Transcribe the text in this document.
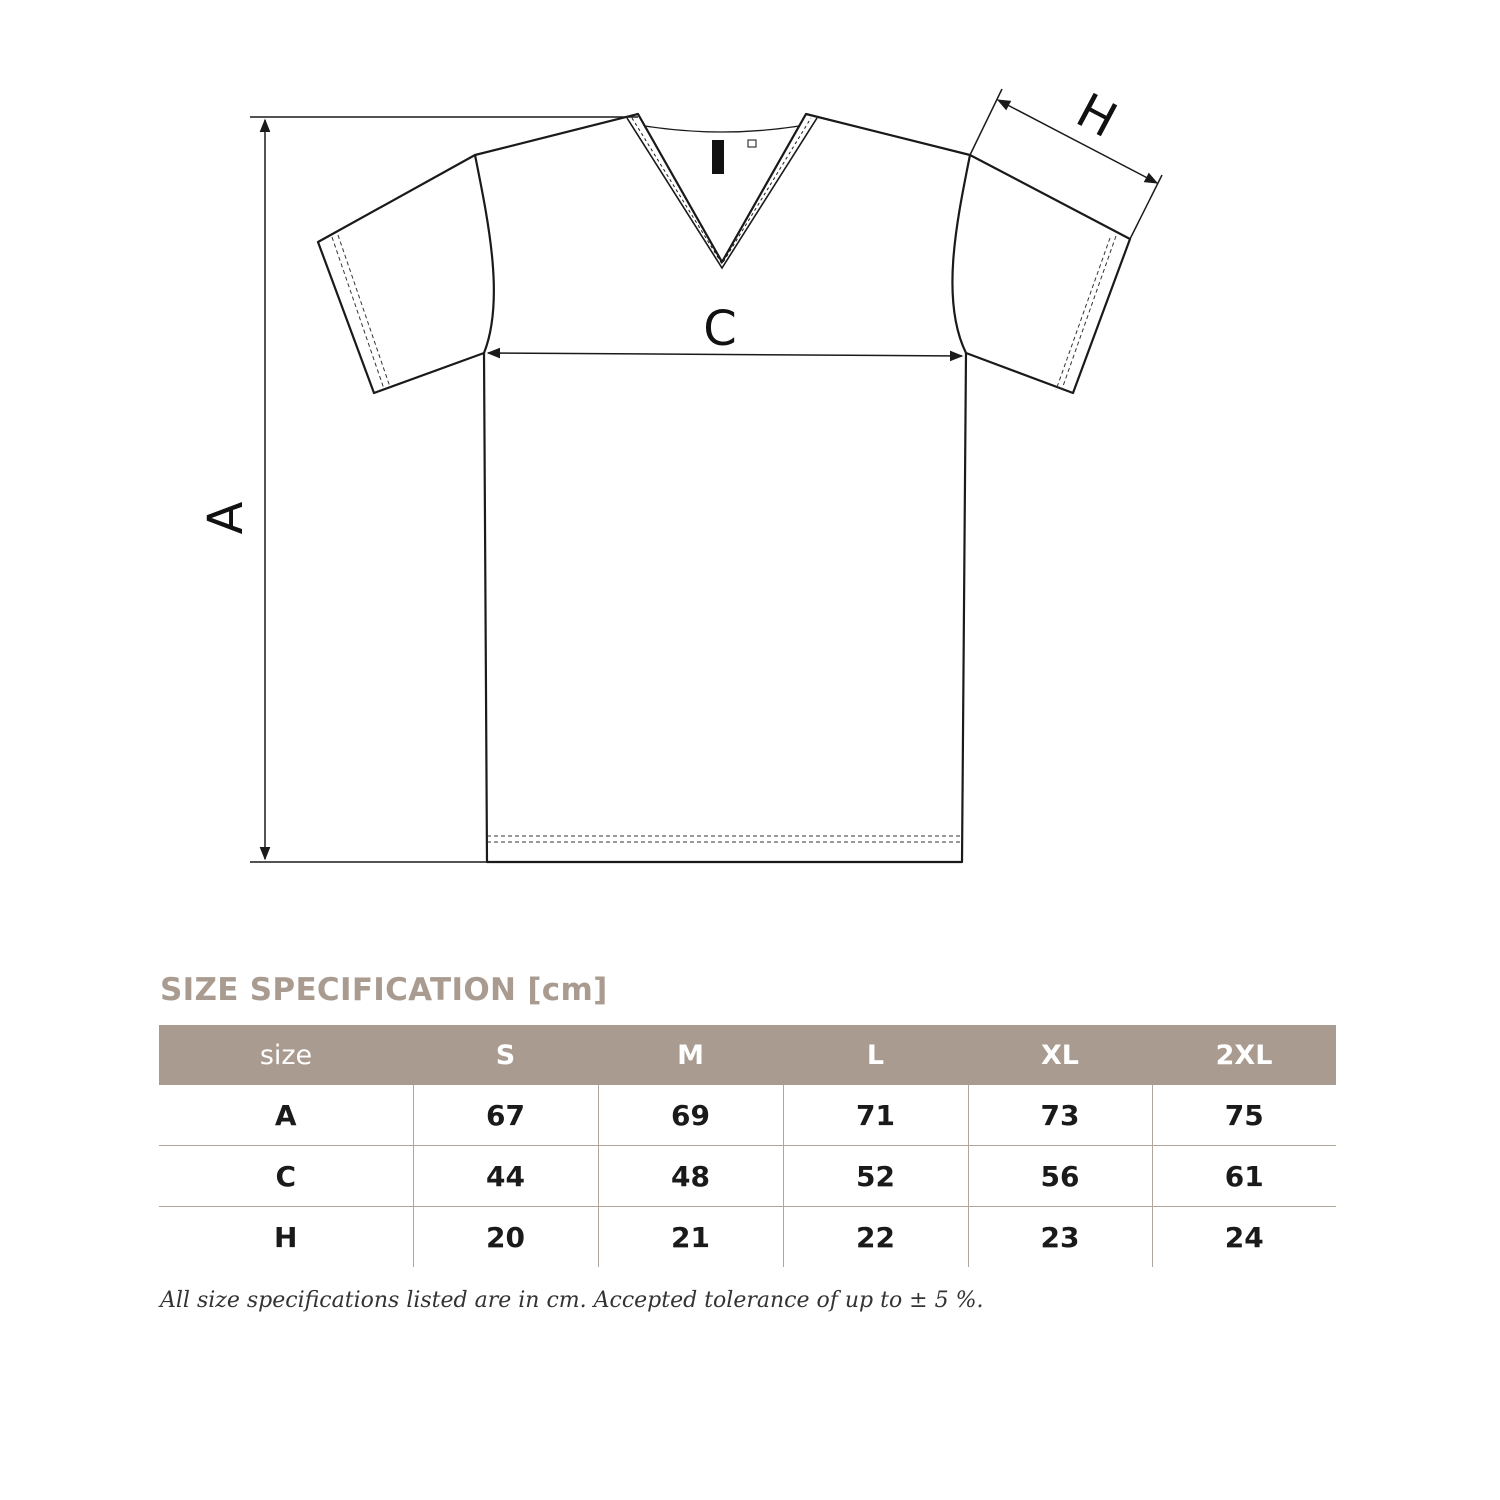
A
C
H
SIZE SPECIFICATION [cm]
size	S	M	L	XL	2XL
A	67	69	71	73	75
C	44	48	52	56	61
H	20	21	22	23	24

All size specifications listed are in cm. Accepted tolerance of up to ± 5 %.
